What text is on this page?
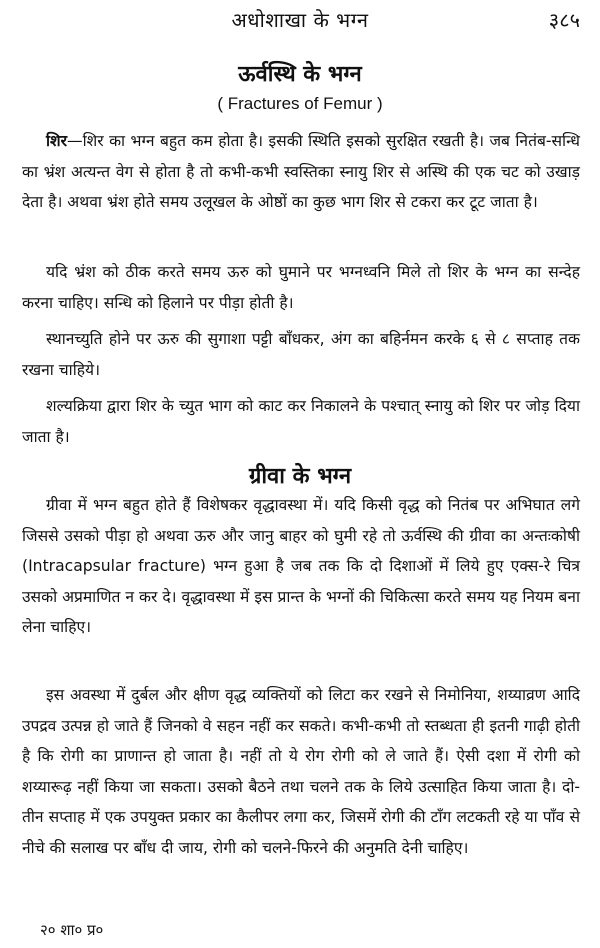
अधोशाखा के भग्न	३८५
ऊर्वस्थि के भग्न
( Fractures of Femur )

शिर—शिर का भग्न बहुत कम होता है। इसकी स्थिति इसको सुरक्षित रखती है। जब नितंब-सन्धि का भ्रंश अत्यन्त वेग से होता है तो कभी-कभी स्वस्तिका स्नायु शिर से अस्थि की एक चट को उखाड़ देता है। अथवा भ्रंश होते समय उलूखल के ओष्ठों का कुछ भाग शिर से टकरा कर टूट जाता है।

यदि भ्रंश को ठीक करते समय ऊरु को घुमाने पर भग्नध्वनि मिले तो शिर के भग्न का सन्देह करना चाहिए। सन्धि को हिलाने पर पीड़ा होती है।

स्थानच्युति होने पर ऊरु की सुगाशा पट्टी बाँधकर, अंग का बहिर्नमन करके ६ से ८ सप्ताह तक रखना चाहिये।

शल्यक्रिया द्वारा शिर के च्युत भाग को काट कर निकालने के पश्चात् स्नायु को शिर पर जोड़ दिया जाता है।

ग्रीवा के भग्न

ग्रीवा में भग्न बहुत होते हैं विशेषकर वृद्धावस्था में। यदि किसी वृद्ध को नितंब पर अभिघात लगे जिससे उसको पीड़ा हो अथवा ऊरु और जानु बाहर को घुमी रहे तो ऊर्वस्थि की ग्रीवा का अन्तःकोषी (Intracapsular fracture) भग्न हुआ है जब तक कि दो दिशाओं में लिये हुए एक्स-रे चित्र उसको अप्रमाणित न कर दे। वृद्धावस्था में इस प्रान्त के भग्नों की चिकित्सा करते समय यह नियम बना लेना चाहिए।

इस अवस्था में दुर्बल और क्षीण वृद्ध व्यक्तियों को लिटा कर रखने से निमोनिया, शय्याव्रण आदि उपद्रव उत्पन्न हो जाते हैं जिनको वे सहन नहीं कर सकते। कभी-कभी तो स्तब्धता ही इतनी गाढ़ी होती है कि रोगी का प्राणान्त हो जाता है। नहीं तो ये रोग रोगी को ले जाते हैं। ऐसी दशा में रोगी को शय्यारूढ़ नहीं किया जा सकता। उसको बैठने तथा चलने तक के लिये उत्साहित किया जाता है। दो-तीन सप्ताह में एक उपयुक्त प्रकार का कैलीपर लगा कर, जिसमें रोगी की टाँग लटकती रहे या पाँव से नीचे की सलाख पर बाँध दी जाय, रोगी को चलने-फिरने की अनुमति देनी चाहिए।

२० शा० प्र०
